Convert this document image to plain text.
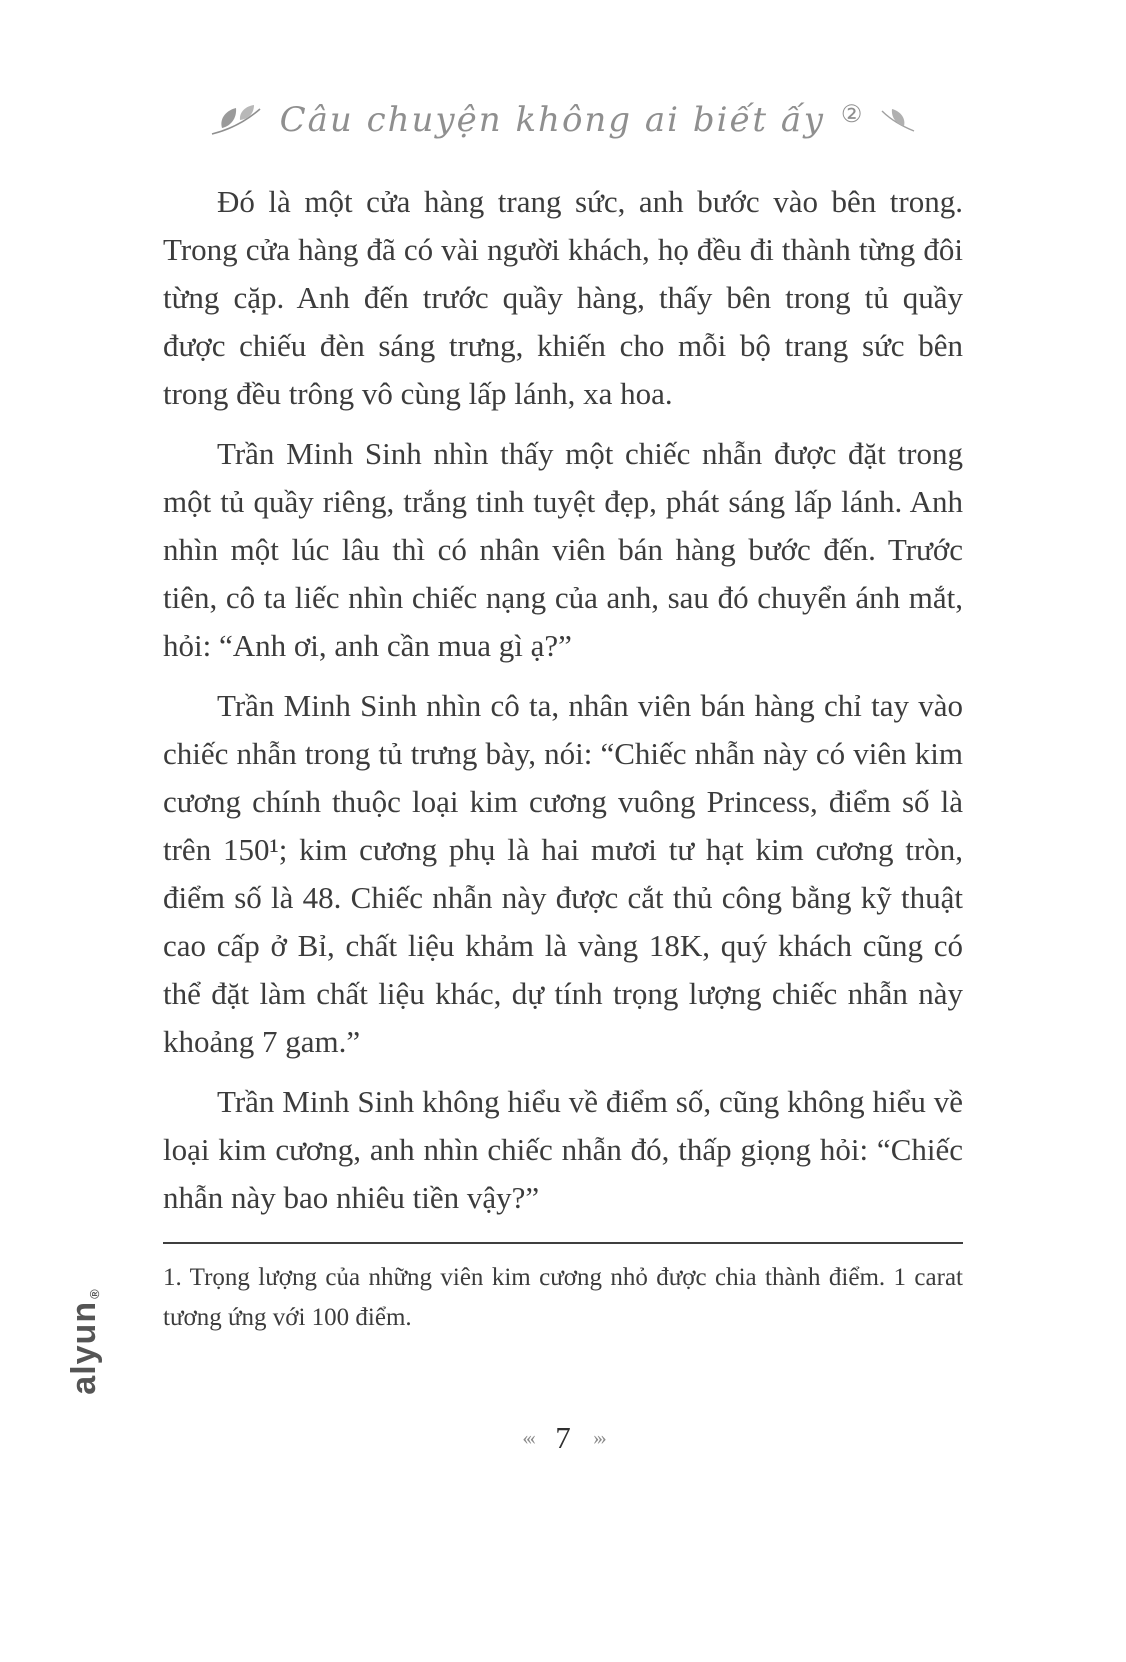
Câu chuyện không ai biết ấy ②

Đó là một cửa hàng trang sức, anh bước vào bên trong. Trong cửa hàng đã có vài người khách, họ đều đi thành từng đôi từng cặp. Anh đến trước quầy hàng, thấy bên trong tủ quầy được chiếu đèn sáng trưng, khiến cho mỗi bộ trang sức bên trong đều trông vô cùng lấp lánh, xa hoa.

Trần Minh Sinh nhìn thấy một chiếc nhẫn được đặt trong một tủ quầy riêng, trắng tinh tuyệt đẹp, phát sáng lấp lánh. Anh nhìn một lúc lâu thì có nhân viên bán hàng bước đến. Trước tiên, cô ta liếc nhìn chiếc nạng của anh, sau đó chuyển ánh mắt, hỏi: “Anh ơi, anh cần mua gì ạ?”

Trần Minh Sinh nhìn cô ta, nhân viên bán hàng chỉ tay vào chiếc nhẫn trong tủ trưng bày, nói: “Chiếc nhẫn này có viên kim cương chính thuộc loại kim cương vuông Princess, điểm số là trên 150¹; kim cương phụ là hai mươi tư hạt kim cương tròn, điểm số là 48. Chiếc nhẫn này được cắt thủ công bằng kỹ thuật cao cấp ở Bỉ, chất liệu khảm là vàng 18K, quý khách cũng có thể đặt làm chất liệu khác, dự tính trọng lượng chiếc nhẫn này khoảng 7 gam.”

Trần Minh Sinh không hiểu về điểm số, cũng không hiểu về loại kim cương, anh nhìn chiếc nhẫn đó, thấp giọng hỏi: “Chiếc nhẫn này bao nhiêu tiền vậy?”

1. Trọng lượng của những viên kim cương nhỏ được chia thành điểm. 1 carat tương ứng với 100 điểm.

‹‹‹ 7 ›››
alyun
®
